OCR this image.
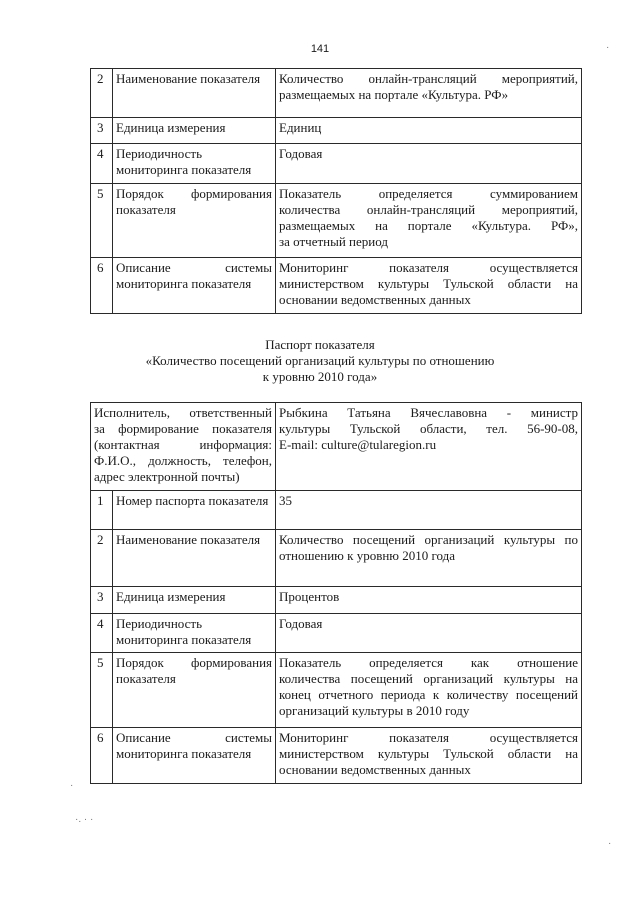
141
2	Наименование показателя	Количество онлайн-трансляций мероприятий,
размещаемых на портале «Культура. РФ»

3	Единица измерения	Единиц

4	Периодичность мониторинга показателя	Годовая

5	Порядок формирования показателя	Показатель определяется суммированием
количества онлайн-трансляций мероприятий,
размещаемых на портале «Культура. РФ»,
за отчетный период

6	Описание системы мониторинга показателя	Мониторинг показателя осуществляется
министерством культуры Тульской области на
основании ведомственных данных
Паспорт показателя
«Количество посещений организаций культуры по отношению
к уровню 2010 года»
Исполнитель, ответственный
за формирование показателя
(контактная информация:
Ф.И.О., должность, телефон,
адрес электронной почты)		Рыбкина Татьяна Вячеславовна - министр
культуры Тульской области, тел. 56-90-08,
E-mail: culture@tularegion.ru

1	Номер паспорта показателя	35

2	Наименование показателя	Количество посещений организаций культуры по
отношению к уровню 2010 года

3	Единица измерения	Процентов

4	Периодичность мониторинга показателя	Годовая

5	Порядок формирования показателя	Показатель определяется как отношение
количества посещений организаций культуры на
конец отчетного периода к количеству посещений
организаций культуры в 2010 году

6	Описание системы мониторинга показателя	Мониторинг показателя осуществляется
министерством культуры Тульской области на
основании ведомственных данных
·
·
·. · ·
·
